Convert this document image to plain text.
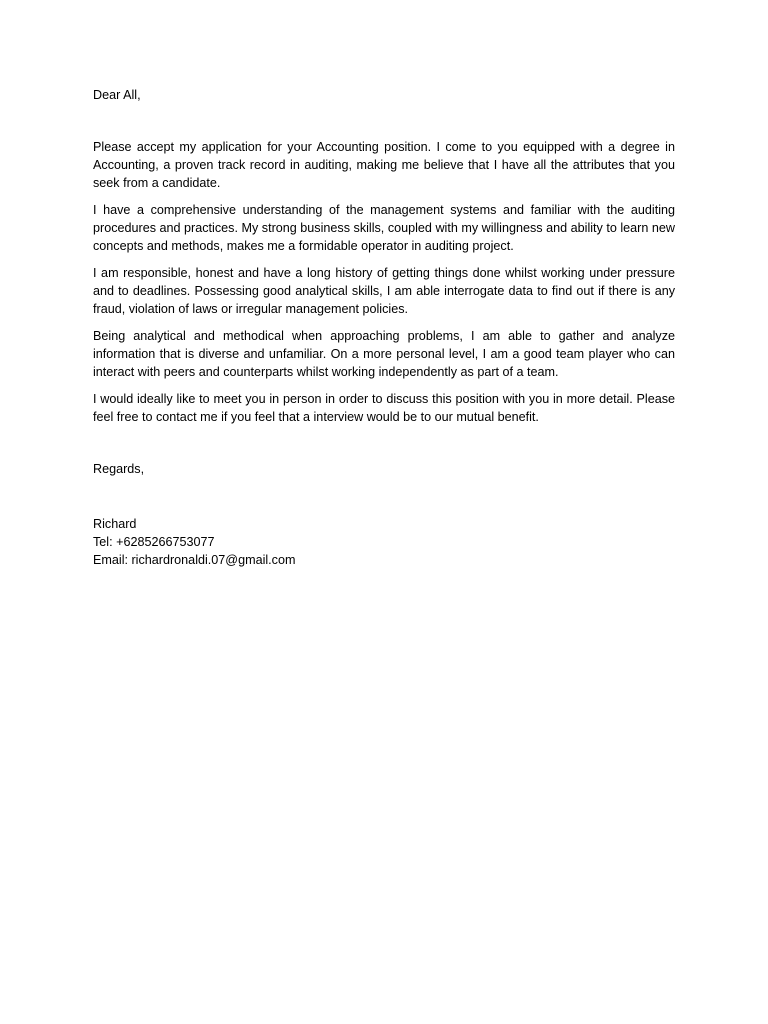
Dear All,

Please accept my application for your Accounting position. I come to you equipped with a degree in Accounting, a proven track record in auditing, making me believe that I have all the attributes that you seek from a candidate.

I have a comprehensive understanding of the management systems and familiar with the auditing procedures and practices. My strong business skills, coupled with my willingness and ability to learn new concepts and methods, makes me a formidable operator in auditing project.

I am responsible, honest and have a long history of getting things done whilst working under pressure and to deadlines. Possessing good analytical skills, I am able interrogate data to find out if there is any fraud, violation of laws or irregular management policies.

Being analytical and methodical when approaching problems, I am able to gather and analyze information that is diverse and unfamiliar. On a more personal level, I am a good team player who can interact with peers and counterparts whilst working independently as part of a team.

I would ideally like to meet you in person in order to discuss this position with you in more detail. Please feel free to contact me if you feel that a interview would be to our mutual benefit.

Regards,

Richard
Tel: +6285266753077
Email: richardronaldi.07@gmail.com
